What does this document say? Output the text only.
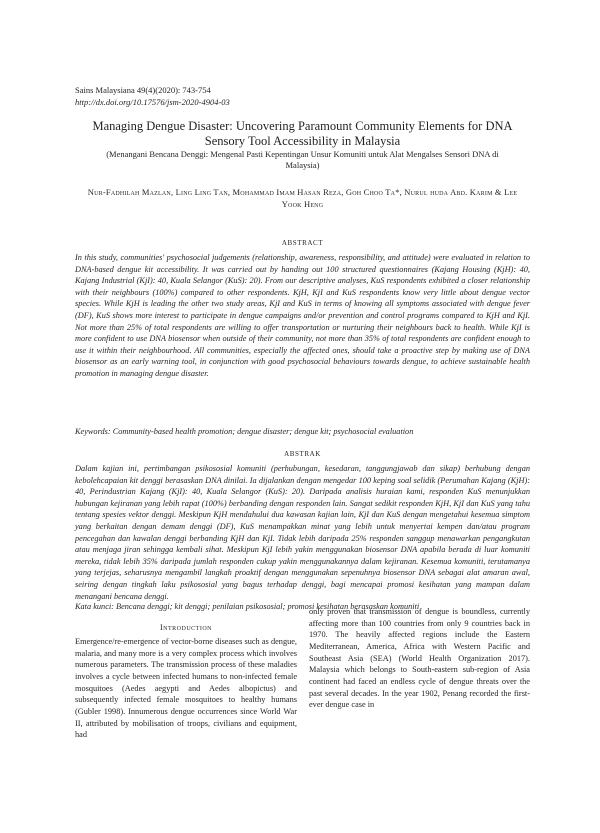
Sains Malaysiana 49(4)(2020): 743-754
http://dx.doi.org/10.17576/jsm-2020-4904-03
Managing Dengue Disaster: Uncovering Paramount Community Elements for DNA Sensory Tool Accessibility in Malaysia
(Menangani Bencana Denggi: Mengenal Pasti Kepentingan Unsur Komuniti untuk Alat Mengalses Sensori DNA di Malaysia)
Nur-Fadhilah Mazlan, Ling Ling Tan, Mohammad Imam Hasan Reza, Goh Choo Ta*, Nurul huda Abd. Karim & Lee Yook Heng
ABSTRACT
In this study, communities' psychosocial judgements (relationship, awareness, responsibility, and attitude) were evaluated in relation to DNA-based dengue kit accessibility. It was carried out by handing out 100 structured questionnaires (Kajang Housing (KjH): 40, Kajang Industrial (KjI): 40, Kuala Selangor (KuS): 20). From our descriptive analyses, KuS respondents exhibited a closer relationship with their neighbours (100%) compared to other respondents. KjH, KjI and KuS respondents know very little about dengue vector species. While KjH is leading the other two study areas, KjI and KuS in terms of knowing all symptoms associated with dengue fever (DF), KuS shows more interest to participate in dengue campaigns and/or prevention and control programs compared to KjH and KjI. Not more than 25% of total respondents are willing to offer transportation or nurturing their neighbours back to health. While KjI is more confident to use DNA biosensor when outside of their community, not more than 35% of total respondents are confident enough to use it within their neighbourhood. All communities, especially the affected ones, should take a proactive step by making use of DNA biosensor as an early warning tool, in conjunction with good psychosocial behaviours towards dengue, to achieve sustainable health promotion in managing dengue disaster.
Keywords: Community-based health promotion; dengue disaster; dengue kit; psychosocial evaluation
ABSTRAK
Dalam kajian ini, pertimbangan psikososial komuniti (perhubungan, kesedaran, tanggungjawab dan sikap) berhubung dengan kebolehcapaian kit denggi berasaskan DNA dinilai. Ia dijalankan dengan mengedar 100 keping soal selidik (Perumahan Kajang (KjH): 40, Perindustrian Kajang (KjI): 40, Kuala Selangor (KuS): 20). Daripada analisis huraian kami, responden KuS menunjukkan hubungan kejiranan yang lebih rapat (100%) berbanding dengan responden lain. Sangat sedikit responden KjH, KjI dan KuS yang tahu tentang spesies vektor denggi. Meskipun KjH mendahului dua kawasan kajian lain, KjI dan KuS dengan mengetahui kesemua simptom yang berkaitan dengan demam denggi (DF), KuS menampakkan minat yang lebih untuk menyertai kempen dan/atau program pencegahan dan kawalan denggi berbanding KjH dan KjI. Tidak lebih daripada 25% responden sanggup menawarkan pengangkutan atau menjaga jiran sehingga kembali sihat. Meskipun KjI lebih yakin menggunakan biosensor DNA apabila berada di luar komuniti mereka, tidak lebih 35% daripada jumlah responden cukup yakin menggunakannya dalam kejiranan. Kesemua komuniti, terutamanya yang terjejas, seharusnya mengambil langkah proaktif dengan menggunakan sepenuhnya biosensor DNA sebagai alat amaran awal, seiring dengan tingkah laku psikososial yang bagus terhadap denggi, bagi mencapai promosi kesihatan yang mampan dalam menangani bencana denggi.
Kata kunci: Bencana denggi; kit denggi; penilaian psikososial; promosi kesihatan berasaskan komuniti
Introduction
Emergence/re-emergence of vector-borne diseases such as dengue, malaria, and many more is a very complex process which involves numerous parameters. The transmission process of these maladies involves a cycle between infected humans to non-infected female mosquitoes (Aedes aegypti and Aedes albopictus) and subsequently infected female mosquitoes to healthy humans (Gubler 1998). Innumerous dengue occurrences since World War II, attributed by mobilisation of troops, civilians and equipment, had
only proven that transmission of dengue is boundless, currently affecting more than 100 countries from only 9 countries back in 1970. The heavily affected regions include the Eastern Mediterranean, America, Africa with Western Pacific and Southeast Asia (SEA) (World Health Organization 2017). Malaysia which belongs to South-eastern sub-region of Asia continent had faced an endless cycle of dengue threats over the past several decades. In the year 1902, Penang recorded the first-ever dengue case in
